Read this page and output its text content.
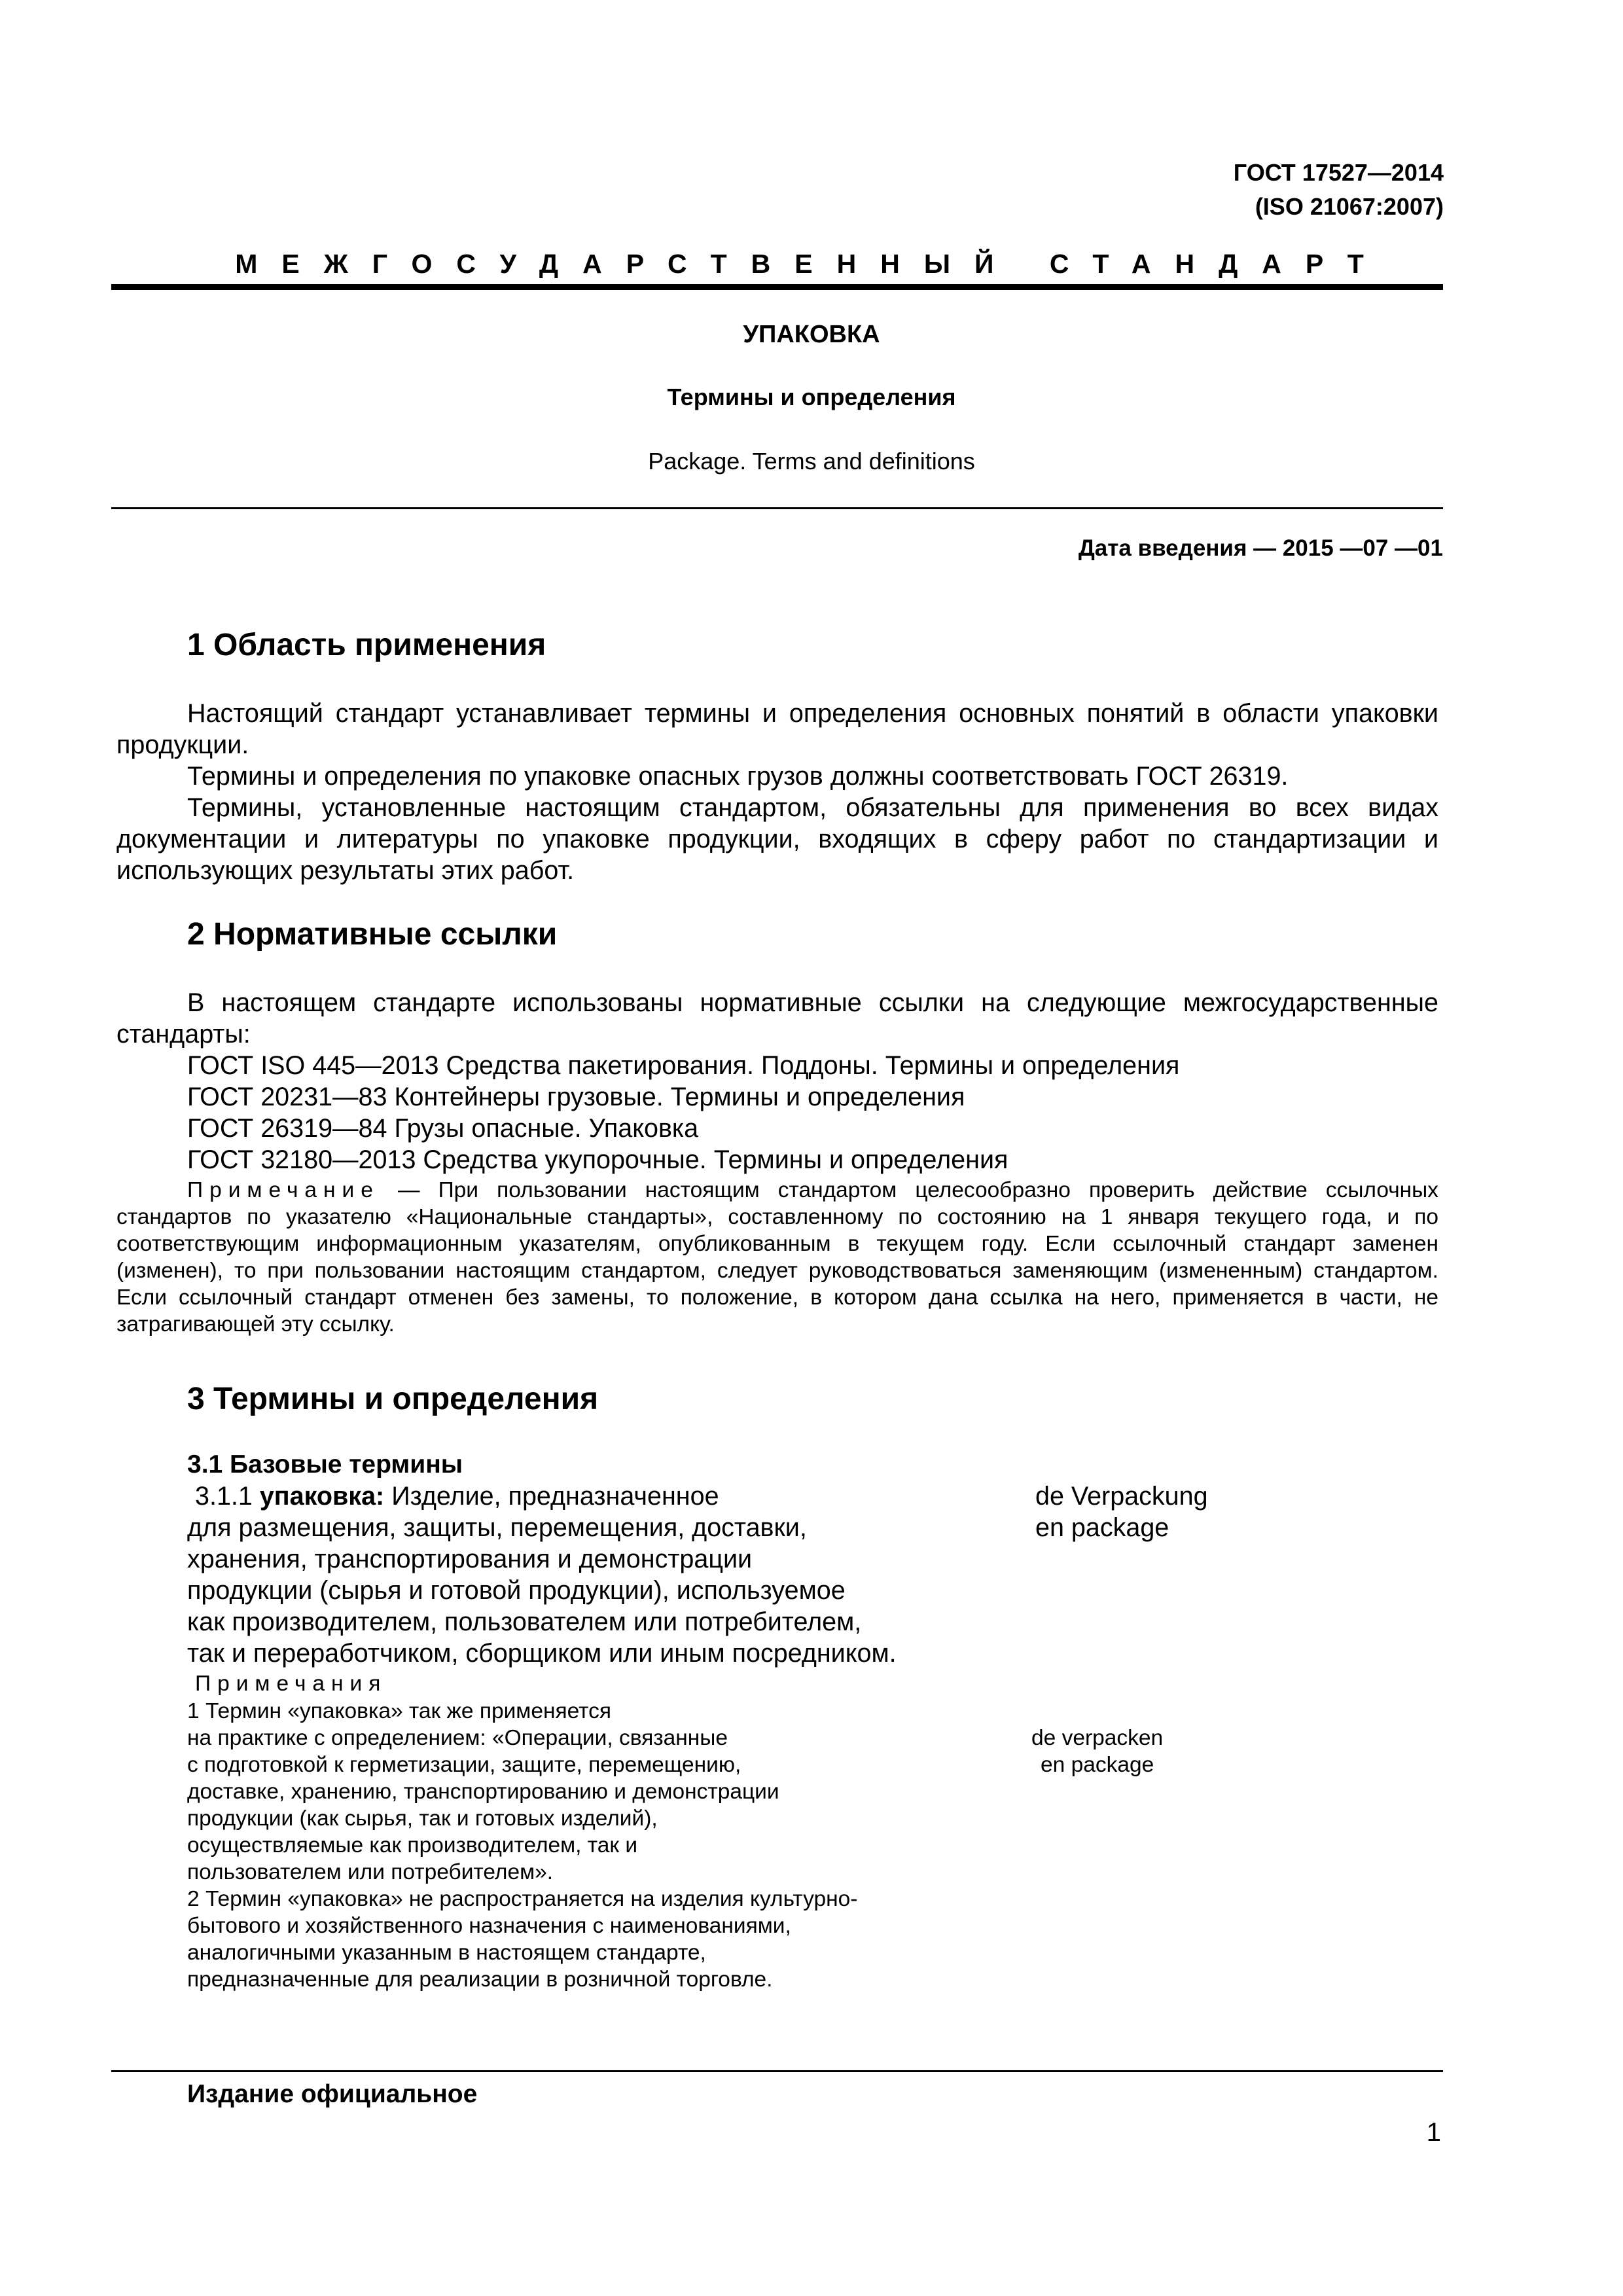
ГОСТ 17527—2014
(ISO 21067:2007)
МЕЖГОСУДАРСТВЕННЫЙ СТАНДАРТ
УПАКОВКА
Термины и определения
Package. Terms and definitions
Дата введения — 2015 —07 —01
1 Область применения
Настоящий стандарт устанавливает термины и определения основных понятий в области упаковки продукции.
Термины и определения по упаковке опасных грузов должны соответствовать ГОСТ 26319.
Термины, установленные настоящим стандартом, обязательны для применения во всех видах документации и литературы по упаковке продукции, входящих в сферу работ по стандартизации и использующих результаты этих работ.
2 Нормативные ссылки
В настоящем стандарте использованы нормативные ссылки на следующие межгосударственные стандарты:
ГОСТ ISO 445—2013 Средства пакетирования. Поддоны. Термины и определения
ГОСТ 20231—83 Контейнеры грузовые. Термины и определения
ГОСТ 26319—84 Грузы опасные. Упаковка
ГОСТ 32180—2013 Средства укупорочные. Термины и определения
Примечание — При пользовании настоящим стандартом целесообразно проверить действие ссылочных стандартов по указателю «Национальные стандарты», составленному по состоянию на 1 января текущего года, и по соответствующим информационным указателям, опубликованным в текущем году. Если ссылочный стандарт заменен (изменен), то при пользовании настоящим стандартом, следует руководствоваться заменяющим (измененным) стандартом. Если ссылочный стандарт отменен без замены, то положение, в котором дана ссылка на него, применяется в части, не затрагивающей эту ссылку.
3 Термины и определения
3.1 Базовые термины
3.1.1 упаковка: Изделие, предназначенное
для размещения, защиты, перемещения, доставки,
хранения, транспортирования и демонстрации
продукции (сырья и готовой продукции), используемое
как производителем, пользователем или потребителем,
так и переработчиком, сборщиком или иным посредником.
de Verpackung
en package
Примечания
1 Термин «упаковка» так же применяется
на практике с определением: «Операции, связанные
с подготовкой к герметизации, защите, перемещению,
доставке, хранению, транспортированию и демонстрации
продукции (как сырья, так и готовых изделий),
осуществляемые как производителем, так и
пользователем или потребителем».
2 Термин «упаковка» не распространяется на изделия культурно-
бытового и хозяйственного назначения с наименованиями,
аналогичными указанным в настоящем стандарте,
предназначенные для реализации в розничной торговле.
de verpacken
en package
Издание официальное
1
